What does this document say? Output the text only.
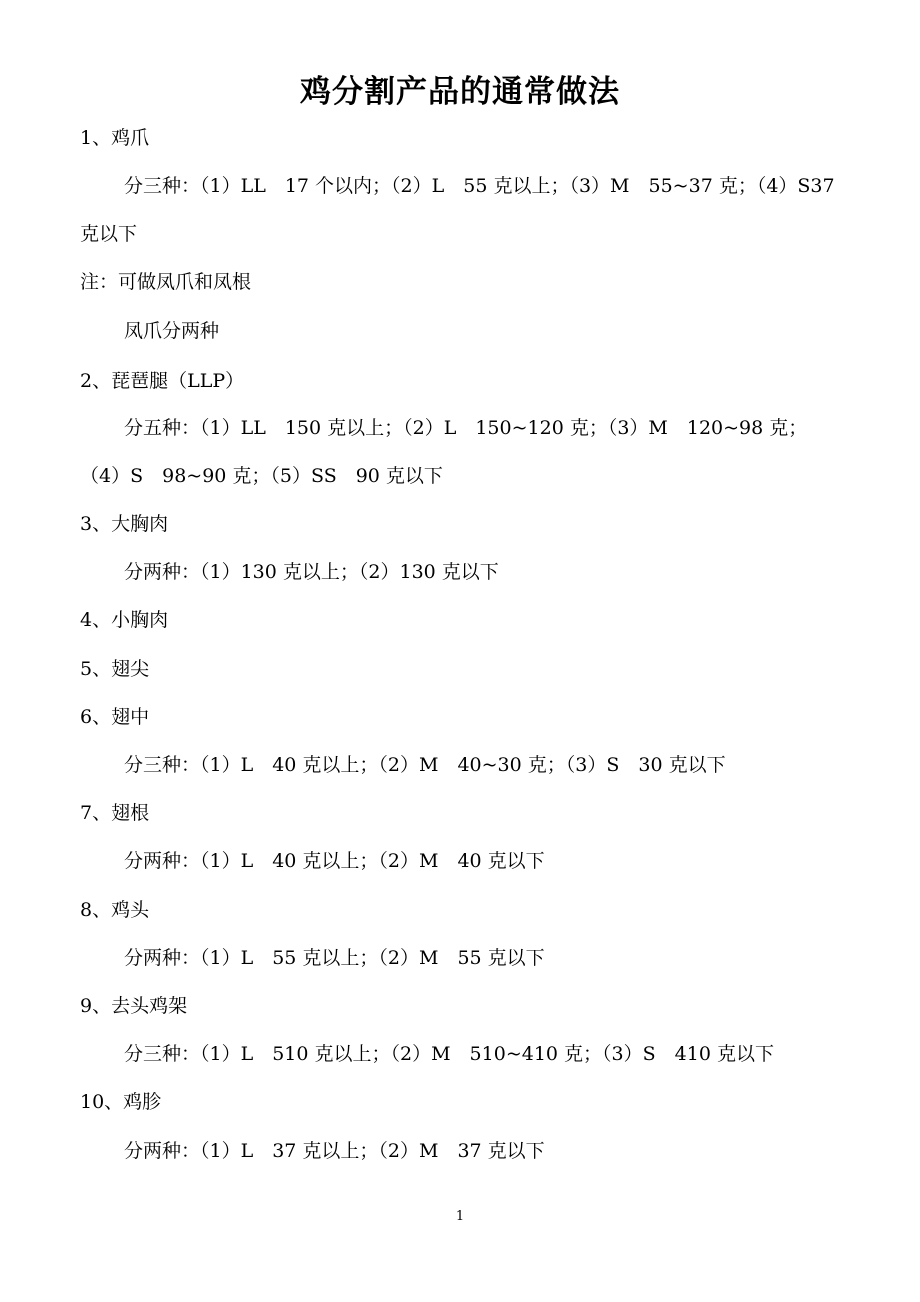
鸡分割产品的通常做法
1、鸡爪
分三种：（1）LL　17 个以内；（2）L　55 克以上；（3）M　55~37 克；（4）S37
克以下
注：可做凤爪和凤根
凤爪分两种
2、琵琶腿（LLP）
分五种：（1）LL　150 克以上；（2）L　150~120 克；（3）M　120~98 克；
（4）S　98~90 克；（5）SS　90 克以下
3、大胸肉
分两种：（1）130 克以上；（2）130 克以下
4、小胸肉
5、翅尖
6、翅中
分三种：（1）L　40 克以上；（2）M　40~30 克；（3）S　30 克以下
7、翅根
分两种：（1）L　40 克以上；（2）M　40 克以下
8、鸡头
分两种：（1）L　55 克以上；（2）M　55 克以下
9、去头鸡架
分三种：（1）L　510 克以上；（2）M　510~410 克；（3）S　410 克以下
10、鸡胗
分两种：（1）L　37 克以上；（2）M　37 克以下
1
